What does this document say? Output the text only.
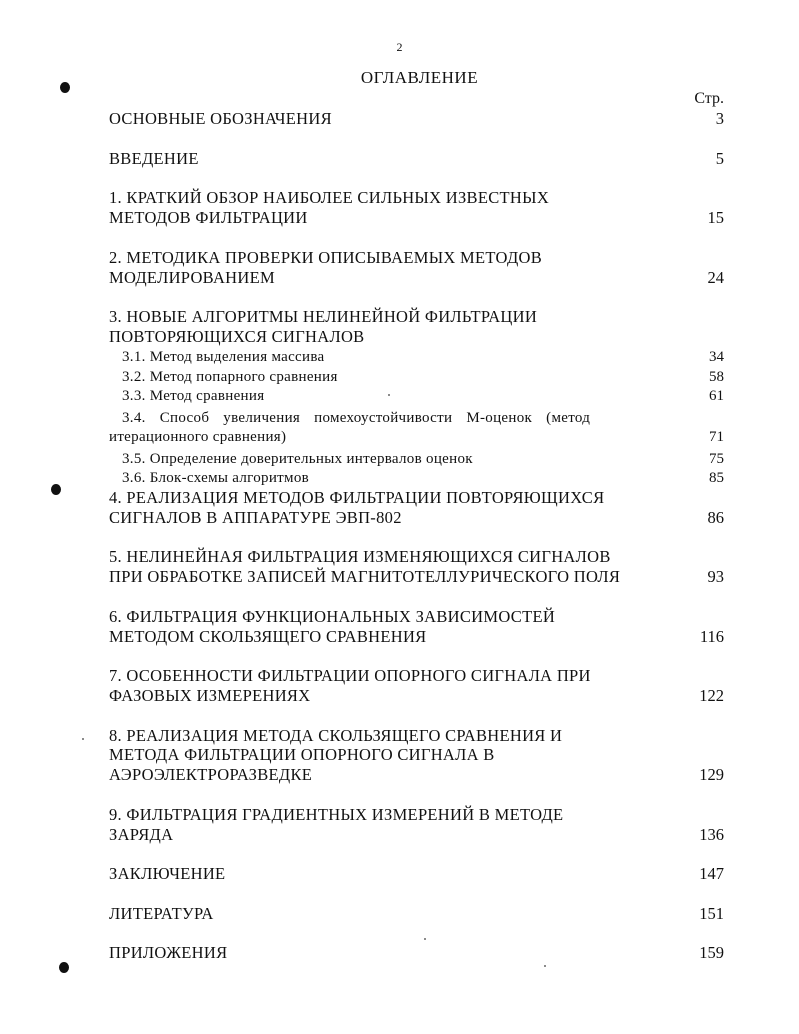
2
ОГЛАВЛЕНИЕ
Стр.
ОСНОВНЫЕ ОБОЗНАЧЕНИЯ	3
ВВЕДЕНИЕ	5
1. КРАТКИЙ ОБЗОР НАИБОЛЕЕ СИЛЬНЫХ ИЗВЕСТНЫХ
МЕТОДОВ ФИЛЬТРАЦИИ	15
2. МЕТОДИКА ПРОВЕРКИ ОПИСЫВАЕМЫХ МЕТОДОВ
МОДЕЛИРОВАНИЕМ	24
3. НОВЫЕ АЛГОРИТМЫ НЕЛИНЕЙНОЙ ФИЛЬТРАЦИИ
ПОВТОРЯЮЩИХСЯ СИГНАЛОВ
3.1. Метод выделения массива	34
3.2. Метод попарного сравнения	58
3.3. Метод сравнения	61
3.4. Способ увеличения помехоустойчивости М-оценок (метод
итерационного сравнения)	71
3.5. Определение доверительных интервалов оценок	75
3.6. Блок-схемы алгоритмов	85
4. РЕАЛИЗАЦИЯ МЕТОДОВ ФИЛЬТРАЦИИ ПОВТОРЯЮЩИХСЯ
СИГНАЛОВ В АППАРАТУРЕ ЭВП-802	86
5. НЕЛИНЕЙНАЯ ФИЛЬТРАЦИЯ ИЗМЕНЯЮЩИХСЯ СИГНАЛОВ
ПРИ ОБРАБОТКЕ ЗАПИСЕЙ МАГНИТОТЕЛЛУРИЧЕСКОГО ПОЛЯ	93
6. ФИЛЬТРАЦИЯ ФУНКЦИОНАЛЬНЫХ ЗАВИСИМОСТЕЙ
МЕТОДОМ СКОЛЬЗЯЩЕГО СРАВНЕНИЯ	116
7. ОСОБЕННОСТИ ФИЛЬТРАЦИИ ОПОРНОГО СИГНАЛА ПРИ
ФАЗОВЫХ ИЗМЕРЕНИЯХ	122
8. РЕАЛИЗАЦИЯ МЕТОДА СКОЛЬЗЯЩЕГО СРАВНЕНИЯ И
МЕТОДА ФИЛЬТРАЦИИ ОПОРНОГО СИГНАЛА В
АЭРОЭЛЕКТРОРАЗВЕДКЕ	129
9. ФИЛЬТРАЦИЯ ГРАДИЕНТНЫХ ИЗМЕРЕНИЙ В МЕТОДЕ
ЗАРЯДА	136
ЗАКЛЮЧЕНИЕ	147
ЛИТЕРАТУРА	151
ПРИЛОЖЕНИЯ	159
